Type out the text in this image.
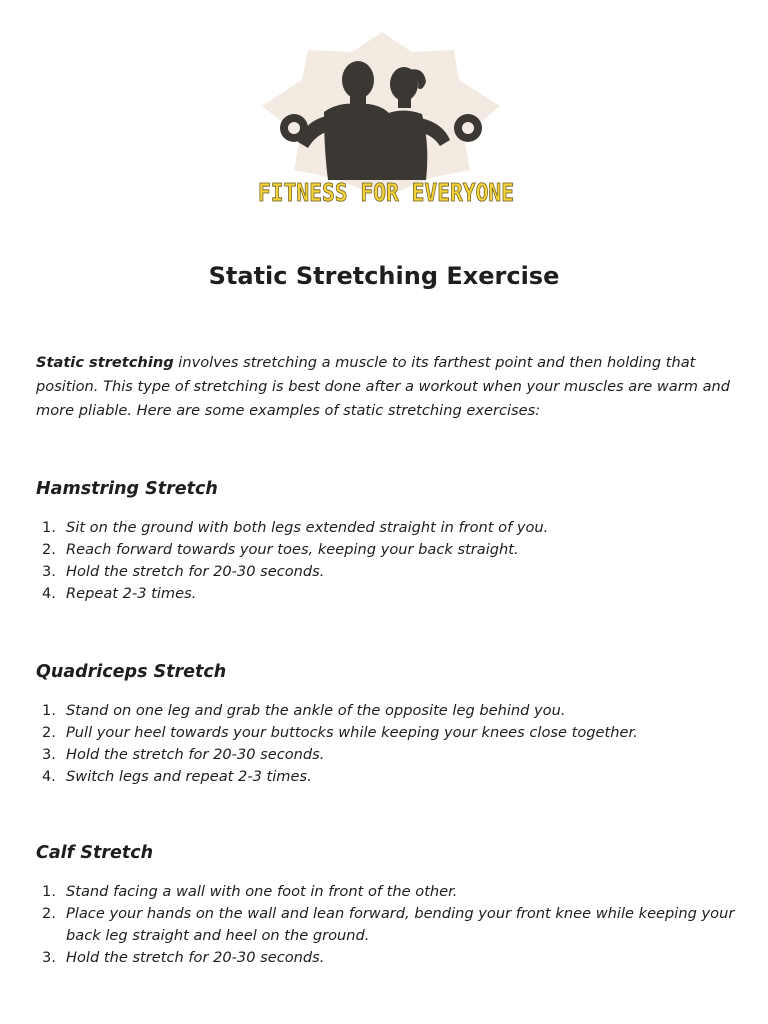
FITNESS FOR EVERYONE
Static Stretching Exercise

Static stretching involves stretching a muscle to its farthest point and then holding that position. This type of stretching is best done after a workout when your muscles are warm and more pliable. Here are some examples of static stretching exercises:

Hamstring Stretch
1. Sit on the ground with both legs extended straight in front of you.
2. Reach forward towards your toes, keeping your back straight.
3. Hold the stretch for 20-30 seconds.
4. Repeat 2-3 times.
Quadriceps Stretch
1. Stand on one leg and grab the ankle of the opposite leg behind you.
2. Pull your heel towards your buttocks while keeping your knees close together.
3. Hold the stretch for 20-30 seconds.
4. Switch legs and repeat 2-3 times.
Calf Stretch
1. Stand facing a wall with one foot in front of the other.
2. Place your hands on the wall and lean forward, bending your front knee while keeping your back leg straight and heel on the ground.
3. Hold the stretch for 20-30 seconds.
